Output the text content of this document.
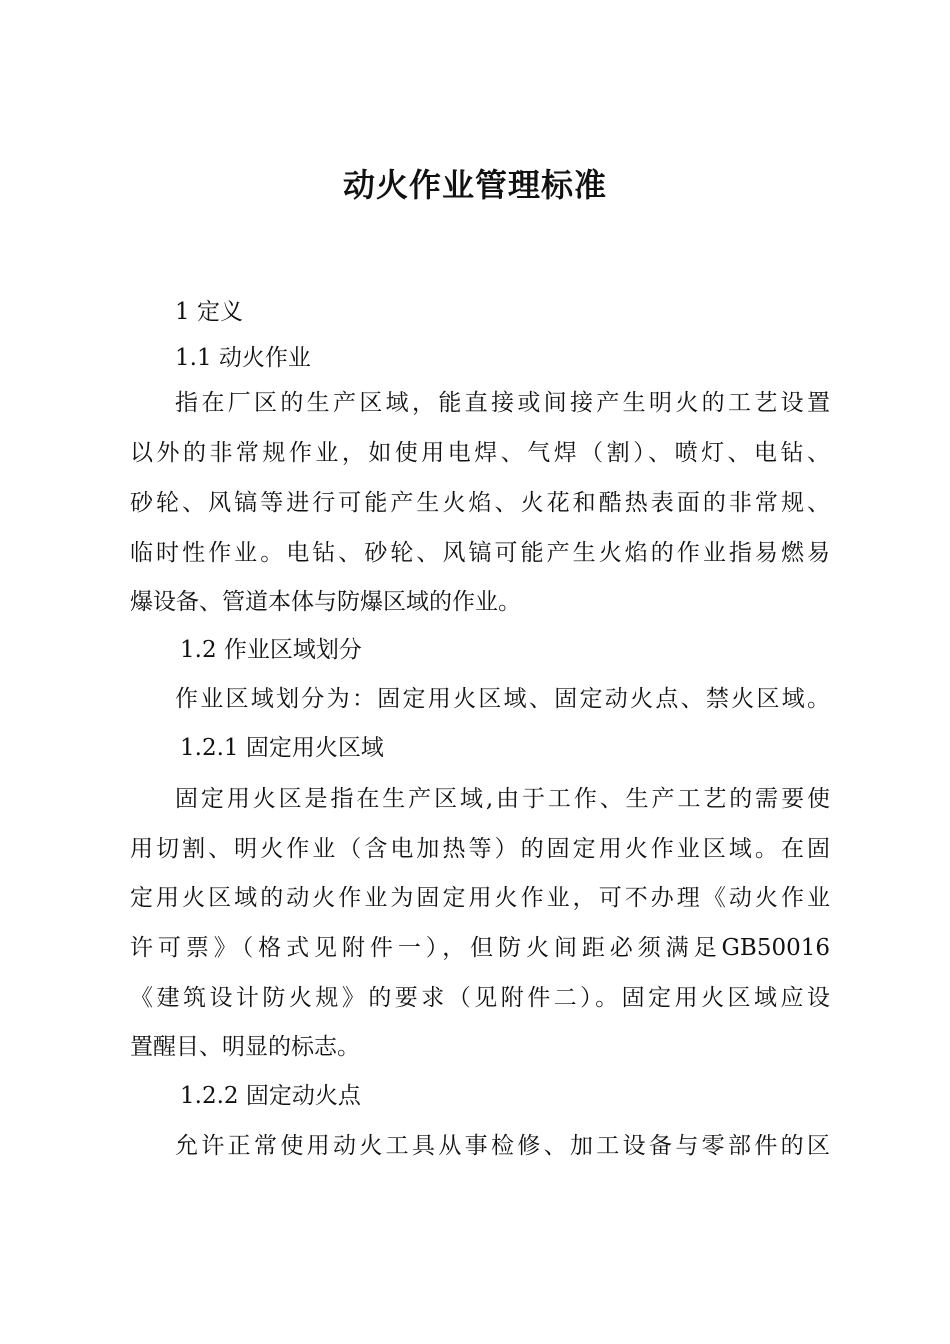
动火作业管理标准
1 定义
1.1 动火作业
指在厂区的生产区域，能直接或间接产生明火的工艺设置
以外的非常规作业，如使用电焊、气焊（割）、喷灯、电钻、
砂轮、风镐等进行可能产生火焰、火花和酷热表面的非常规、
临时性作业。电钻、砂轮、风镐可能产生火焰的作业指易燃易
爆设备、管道本体与防爆区域的作业。
1.2 作业区域划分
作业区域划分为：固定用火区域、固定动火点、禁火区域。
1.2.1 固定用火区域
固定用火区是指在生产区域,由于工作、生产工艺的需要使
用切割、明火作业（含电加热等）的固定用火作业区域。在固
定用火区域的动火作业为固定用火作业，可不办理《动火作业
许可票》（格式见附件一），但防火间距必须满足GB50016
《建筑设计防火规》的要求（见附件二）。固定用火区域应设
置醒目、明显的标志。
1.2.2 固定动火点
允许正常使用动火工具从事检修、加工设备与零部件的区
